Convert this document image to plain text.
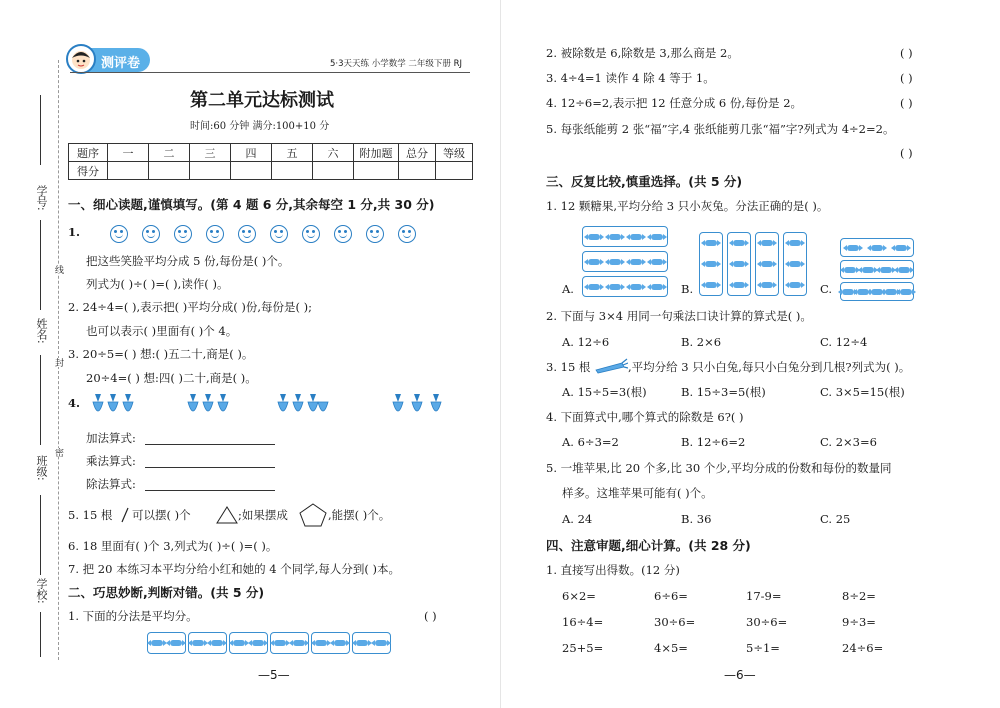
学号:
姓名:
班级:
学校:
线
封
密
测评卷	5·3天天练 小学数学 二年级下册 RJ
第二单元达标测试
时间:60 分钟 满分:100+10 分
题序	一	二	三	四	五	六	附加题	总分	等级
得分									
一、细心读题,谨慎填写。(第 4 题 6 分,其余每空 1 分,共 30 分)
1.
把这些笑脸平均分成 5 份,每份是( )个。
列式为( )÷( )=( ),读作( )。
2. 24÷4=( ),表示把( )平均分成( )份,每份是( );
也可以表示( )里面有( )个 4。
3. 20÷5=( ) 想:( )五二十,商是( )。
20÷4=( ) 想:四( )二十,商是( )。
4.
加法算式:
乘法算式:
除法算式:
5. 15 根 可以摆( )个	;如果摆成	,能摆( )个。
6. 18 里面有( )个 3,列式为( )÷( )=( )。
7. 把 20 本练习本平均分给小红和她的 4 个同学,每人分到( )本。
二、巧思妙断,判断对错。(共 5 分)
1. 下面的分法是平均分。	( )
—5—
2. 被除数是 6,除数是 3,那么商是 2。	( )
3. 4÷4=1 读作 4 除 4 等于 1。	( )
4. 12÷6=2,表示把 12 任意分成 6 份,每份是 2。	( )
5. 每张纸能剪 2 张“福”字,4 张纸能剪几张“福”字?列式为 4÷2=2。
( )
三、反复比较,慎重选择。(共 5 分)
1. 12 颗糖果,平均分给 3 只小灰兔。分法正确的是( )。
A.	B.	C.
2. 下面与 3×4 用同一句乘法口诀计算的算式是( )。
A. 12÷6	B. 2×6	C. 12÷4
3. 15 根	,平均分给 3 只小白兔,每只小白兔分到几根?列式为( )。
A. 15÷5=3(根)	B. 15÷3=5(根)	C. 3×5=15(根)
4. 下面算式中,哪个算式的除数是 6?( )
A. 6÷3=2	B. 12÷6=2	C. 2×3=6
5. 一堆苹果,比 20 个多,比 30 个少,平均分成的份数和每份的数量同
样多。这堆苹果可能有( )个。
A. 24	B. 36	C. 25
四、注意审题,细心计算。(共 28 分)
1. 直接写出得数。(12 分)
6×2=	6÷6=	17-9=	8÷2=
16÷4=	30÷6=	30÷6=	9÷3=
25+5=	4×5=	5÷1=	24÷6=
—6—
